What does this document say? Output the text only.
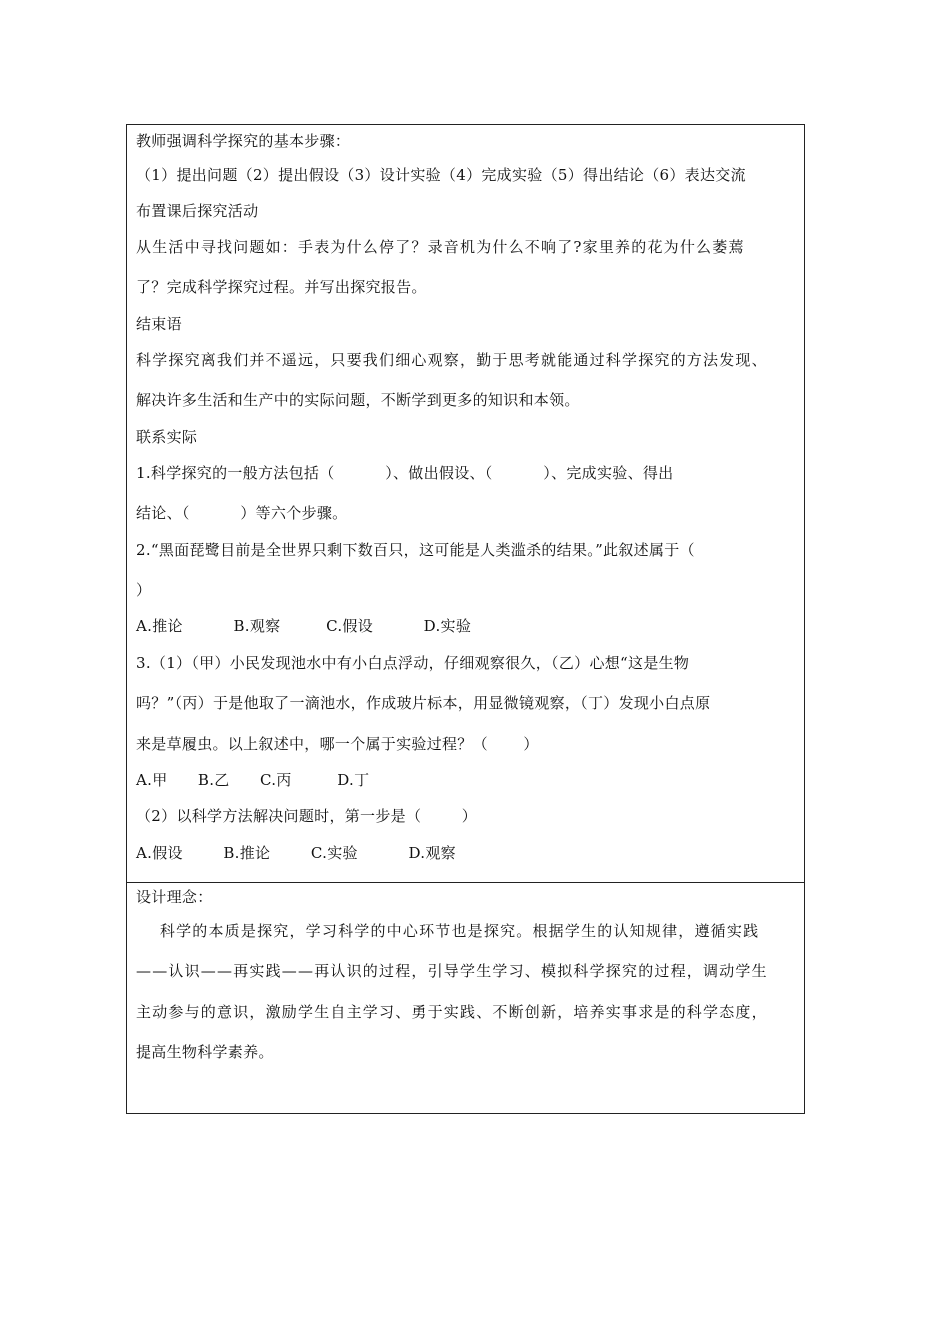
教师强调科学探究的基本步骤：
（1）提出问题（2）提出假设（3）设计实验（4）完成实验（5）得出结论（6）表达交流
布置课后探究活动
从生活中寻找问题如：手表为什么停了？录音机为什么不响了?家里养的花为什么萎蔫
了？完成科学探究过程。并写出探究报告。
结束语
科学探究离我们并不遥远，只要我们细心观察，勤于思考就能通过科学探究的方法发现、
解决许多生活和生产中的实际问题，不断学到更多的知识和本领。
联系实际
1.科学探究的一般方法包括（          ）、做出假设、（          ）、完成实验、得出
结论、（          ）等六个步骤。
2.“黑面琵鹭目前是全世界只剩下数百只，这可能是人类滥杀的结果。”此叙述属于（
）
A.推论          B.观察         C.假设          D.实验
3.（1）（甲）小民发现池水中有小白点浮动，仔细观察很久，（乙）心想“这是生物
吗？”（丙）于是他取了一滴池水，作成玻片标本，用显微镜观察，（丁）发现小白点原
来是草履虫。以上叙述中，哪一个属于实验过程？（       ）
A.甲      B.乙      C.丙         D.丁
（2）以科学方法解决问题时，第一步是（        ）
A.假设        B.推论        C.实验          D.观察
设计理念：
科学的本质是探究，学习科学的中心环节也是探究。根据学生的认知规律，遵循实践
——认识——再实践——再认识的过程，引导学生学习、模拟科学探究的过程，调动学生
主动参与的意识，激励学生自主学习、勇于实践、不断创新，培养实事求是的科学态度，
提高生物科学素养。
